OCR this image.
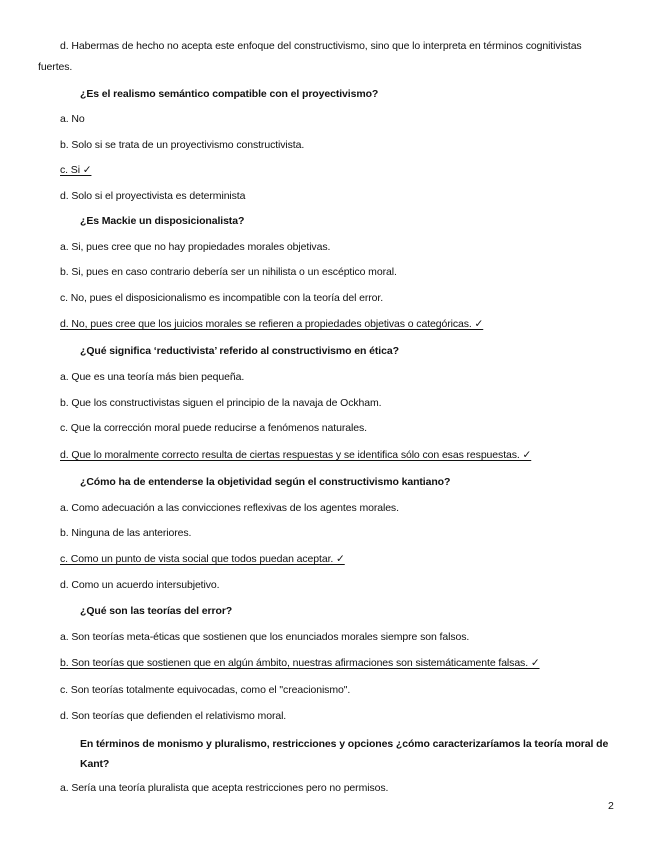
d. Habermas de hecho no acepta este enfoque del constructivismo, sino que lo interpreta en términos cognitivistas fuertes.
¿Es el realismo semántico compatible con el proyectivismo?
a. No
b. Solo si se trata de un proyectivismo constructivista.
c. Si ✓
d. Solo si el proyectivista es determinista
¿Es Mackie un disposicionalista?
a. Si, pues cree que no hay propiedades morales objetivas.
b. Si, pues en caso contrario debería ser un nihilista o un escéptico moral.
c. No, pues el disposicionalismo es incompatible con la teoría del error.
d. No, pues cree que los juicios morales se refieren a propiedades objetivas o categóricas. ✓
¿Qué significa ‘reductivista’ referido al constructivismo en ética?
a. Que es una teoría más bien pequeña.
b. Que los constructivistas siguen el principio de la navaja de Ockham.
c. Que la corrección moral puede reducirse a fenómenos naturales.
d. Que lo moralmente correcto resulta de ciertas respuestas y se identifica sólo con esas respuestas. ✓
¿Cómo ha de entenderse la objetividad según el constructivismo kantiano?
a. Como adecuación a las convicciones reflexivas de los agentes morales.
b. Ninguna de las anteriores.
c. Como un punto de vista social que todos puedan aceptar. ✓
d. Como un acuerdo intersubjetivo.
¿Qué son las teorías del error?
a. Son teorías meta-éticas que sostienen que los enunciados morales siempre son falsos.
b. Son teorías que sostienen que en algún ámbito, nuestras afirmaciones son sistemáticamente falsas. ✓
c. Son teorías totalmente equivocadas, como el "creacionismo".
d. Son teorías que defienden el relativismo moral.
En términos de monismo y pluralismo, restricciones y opciones ¿cómo caracterizaríamos la teoría moral de Kant?
a. Sería una teoría pluralista que acepta restricciones pero no permisos.
2
